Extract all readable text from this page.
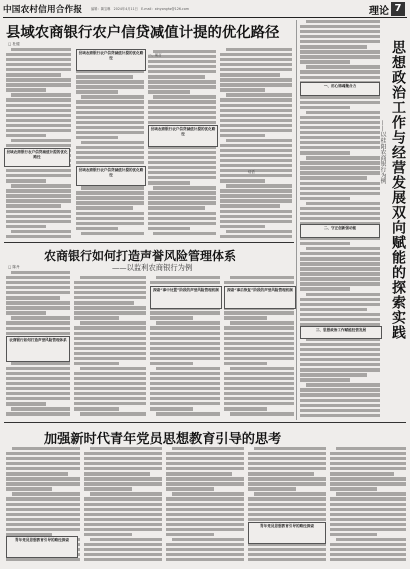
中国农村信用合作报	编辑：冀宝琳　2024年4月11日　E-mail：xinyonghz@126.com	理论 7
县域农商银行农户信贷减值计提的优化路径
□ 杜健
县域农商银行农户信贷减值计提的优化路径
县域农商银行农户信贷减值计提的优化路径
县域农商银行农户信贷减值计提的优化路径
县域农商银行农户信贷减值计提的优化路径
一、前言
结语
农商银行如何打造声誉风险管理体系
——以监利农商银行为例
□ 陈丹
农商银行如何打造声誉风险管理体系
探索“事中处置”阶段的声誉风险管理机制	探索“事后恢复”阶段的声誉风险管理机制	思想政治工作与经营发展双向赋能的探索实践
——以桂阳农商银行为例
一、用心铸魂聚合力
二、守正创新强动能
三、思想政治工作赋能经营发展
加强新时代青年党员思想教育引导的思考
青年党员思想教育引导的路径探索
青年党员思想教育引导的路径探索
